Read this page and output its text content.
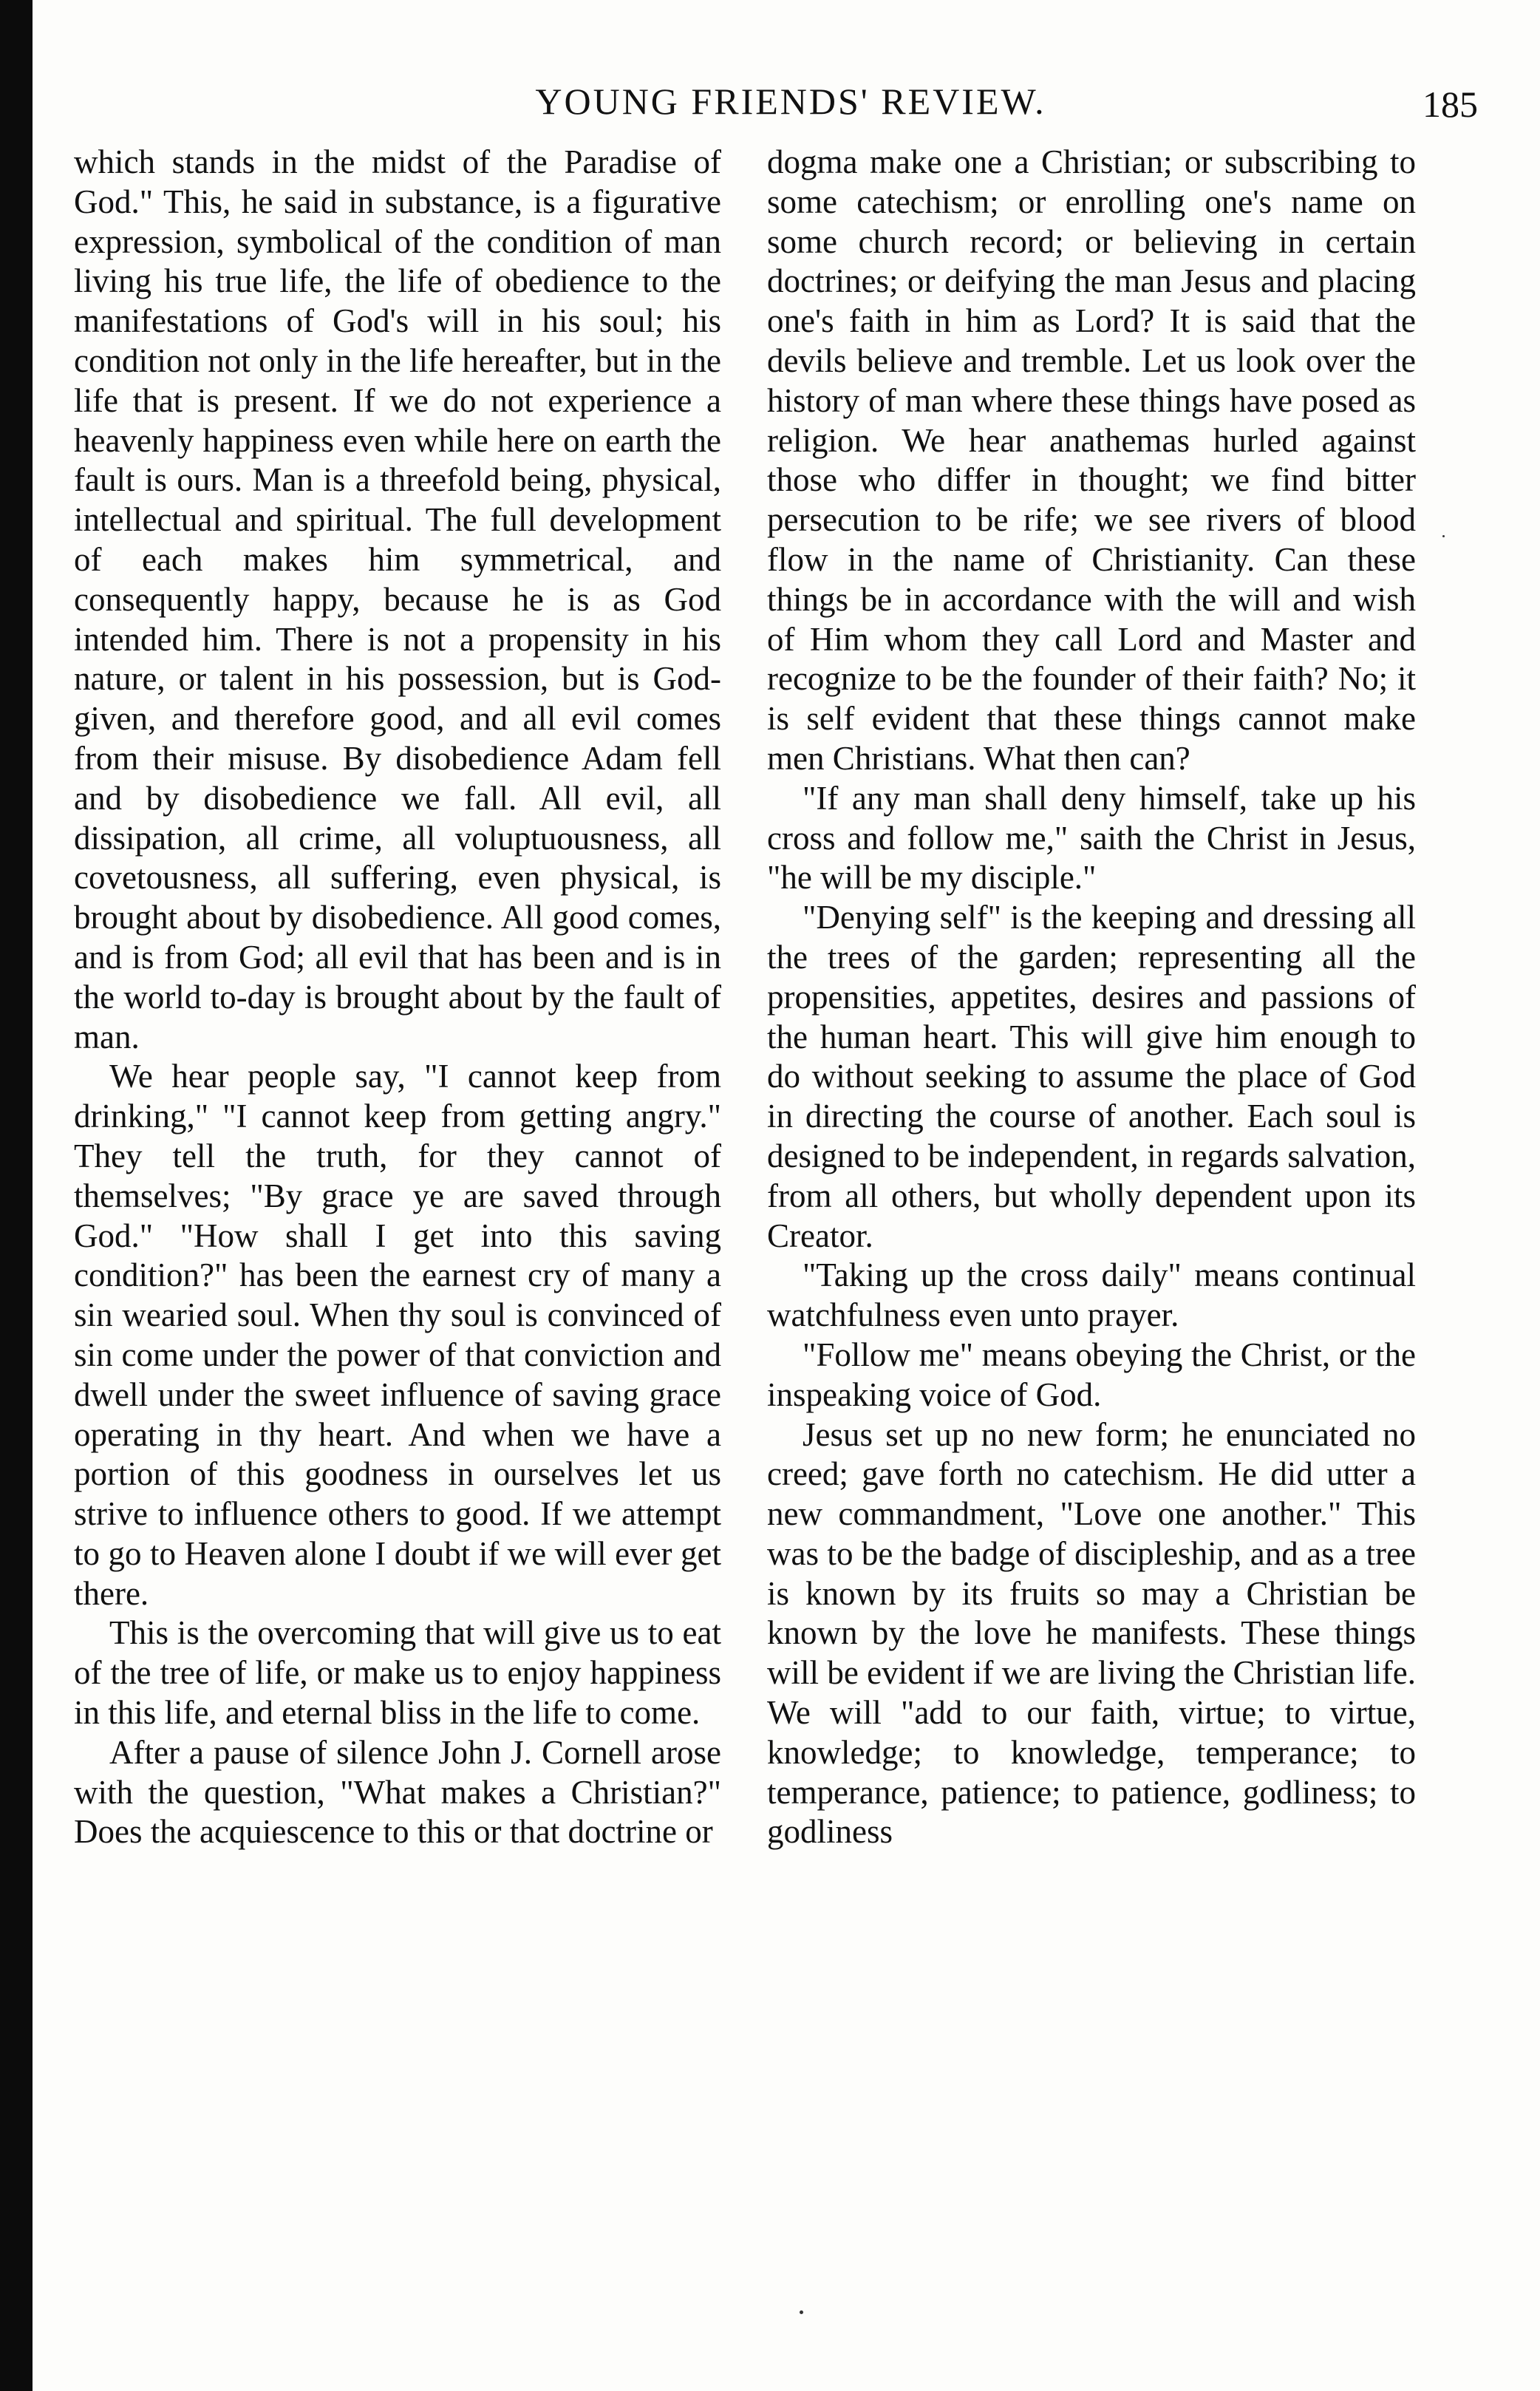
YOUNG FRIENDS' REVIEW.	185

which stands in the midst of the Paradise of God." This, he said in substance, is a figurative expression, symbolical of the condition of man living his true life, the life of obedience to the manifestations of God's will in his soul; his condition not only in the life hereafter, but in the life that is present. If we do not experience a heavenly happiness even while here on earth the fault is ours. Man is a threefold being, physical, intellectual and spiritual. The full development of each makes him symmetrical, and consequently happy, because he is as God intended him. There is not a propensity in his nature, or talent in his possession, but is God-given, and therefore good, and all evil comes from their misuse. By disobedience Adam fell and by disobedience we fall. All evil, all dissipation, all crime, all voluptuousness, all covetousness, all suffering, even physical, is brought about by disobedience. All good comes, and is from God; all evil that has been and is in the world to-day is brought about by the fault of man.

We hear people say, "I cannot keep from drinking," "I cannot keep from getting angry." They tell the truth, for they cannot of themselves; "By grace ye are saved through God." "How shall I get into this saving condition?" has been the earnest cry of many a sin wearied soul. When thy soul is convinced of sin come under the power of that conviction and dwell under the sweet influence of saving grace operating in thy heart. And when we have a portion of this goodness in ourselves let us strive to influence others to good. If we attempt to go to Heaven alone I doubt if we will ever get there.

This is the overcoming that will give us to eat of the tree of life, or make us to enjoy happiness in this life, and eternal bliss in the life to come.

After a pause of silence John J. Cornell arose with the question, "What makes a Christian?" Does the acquiescence to this or that doctrine or

dogma make one a Christian; or subscribing to some catechism; or enrolling one's name on some church record; or believing in certain doctrines; or deifying the man Jesus and placing one's faith in him as Lord? It is said that the devils believe and tremble. Let us look over the history of man where these things have posed as religion. We hear anathemas hurled against those who differ in thought; we find bitter persecution to be rife; we see rivers of blood flow in the name of Christianity. Can these things be in accordance with the will and wish of Him whom they call Lord and Master and recognize to be the founder of their faith? No; it is self evident that these things cannot make men Christians. What then can?

"If any man shall deny himself, take up his cross and follow me," saith the Christ in Jesus, "he will be my disciple."

"Denying self" is the keeping and dressing all the trees of the garden; representing all the propensities, appetites, desires and passions of the human heart. This will give him enough to do without seeking to assume the place of God in directing the course of another. Each soul is designed to be independent, in regards salvation, from all others, but wholly dependent upon its Creator.

"Taking up the cross daily" means continual watchfulness even unto prayer.

"Follow me" means obeying the Christ, or the inspeaking voice of God.

Jesus set up no new form; he enunciated no creed; gave forth no catechism. He did utter a new commandment, "Love one another." This was to be the badge of discipleship, and as a tree is known by its fruits so may a Christian be known by the love he manifests. These things will be evident if we are living the Christian life. We will "add to our faith, virtue; to virtue, knowledge; to knowledge, temperance; to temperance, patience; to patience, godliness; to godliness
